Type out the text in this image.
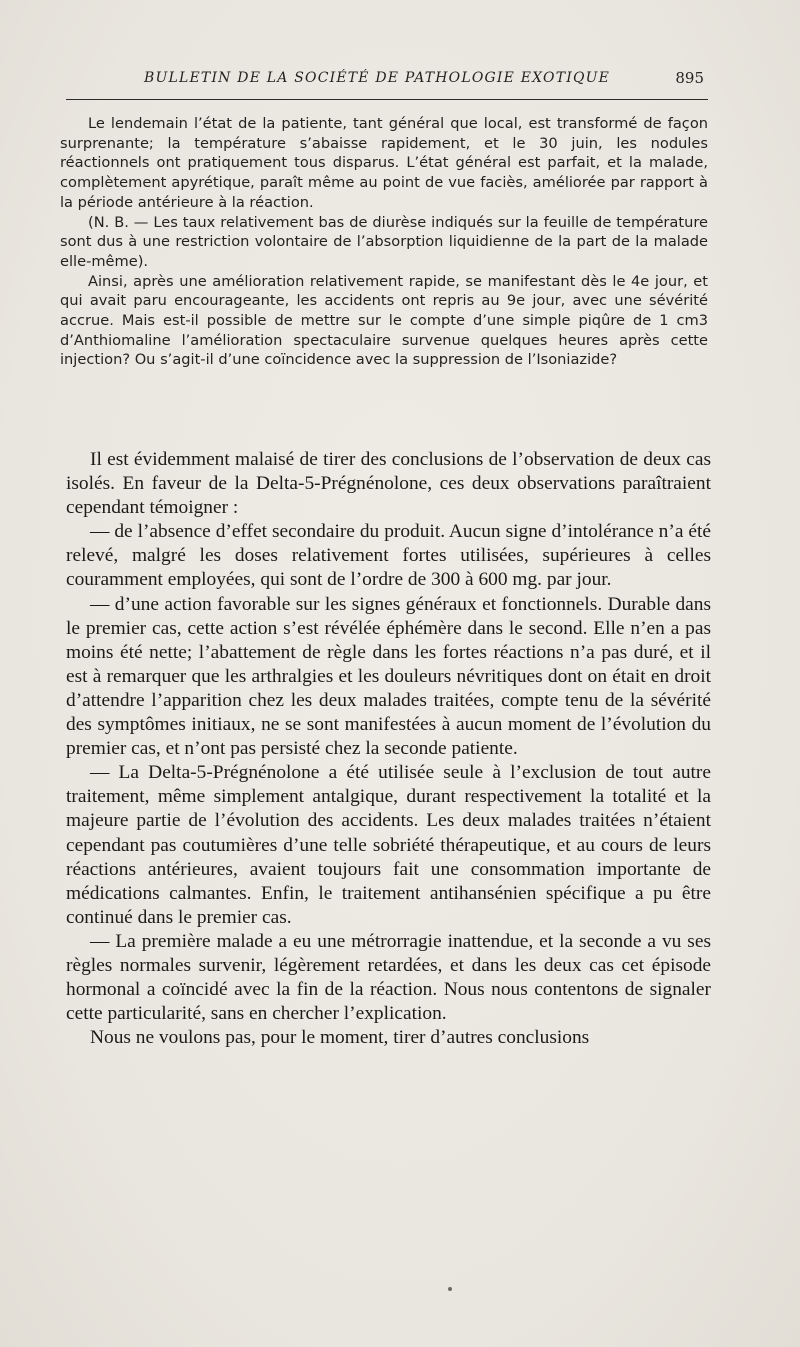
BULLETIN DE LA SOCIÉTÉ DE PATHOLOGIE EXOTIQUE	895

Le lendemain l’état de la patiente, tant général que local, est transformé de façon surprenante; la température s’abaisse rapidement, et le 30 juin, les nodules réactionnels ont pratiquement tous disparus. L’état général est parfait, et la malade, complètement apyrétique, paraît même au point de vue faciès, améliorée par rapport à la période antérieure à la réaction.

(N. B. — Les taux relativement bas de diurèse indiqués sur la feuille de température sont dus à une restriction volontaire de l’absorption liquidienne de la part de la malade elle-même).

Ainsi, après une amélioration relativement rapide, se manifestant dès le 4e jour, et qui avait paru encourageante, les accidents ont repris au 9e jour, avec une sévérité accrue. Mais est-il possible de mettre sur le compte d’une simple piqûre de 1 cm3 d’Anthiomaline l’amélioration spectaculaire survenue quelques heures après cette injection? Ou s’agit-il d’une coïncidence avec la suppression de l’Isoniazide?

Il est évidemment malaisé de tirer des conclusions de l’observation de deux cas isolés. En faveur de la Delta-5-Prégnénolone, ces deux observations paraîtraient cependant témoigner :

— de l’absence d’effet secondaire du produit. Aucun signe d’intolérance n’a été relevé, malgré les doses relativement fortes utilisées, supérieures à celles couramment employées, qui sont de l’ordre de 300 à 600 mg. par jour.

— d’une action favorable sur les signes généraux et fonctionnels. Durable dans le premier cas, cette action s’est révélée éphémère dans le second. Elle n’en a pas moins été nette; l’abattement de règle dans les fortes réactions n’a pas duré, et il est à remarquer que les arthralgies et les douleurs névritiques dont on était en droit d’attendre l’apparition chez les deux malades traitées, compte tenu de la sévérité des symptômes initiaux, ne se sont manifestées à aucun moment de l’évolution du premier cas, et n’ont pas persisté chez la seconde patiente.

— La Delta-5-Prégnénolone a été utilisée seule à l’exclusion de tout autre traitement, même simplement antalgique, durant respectivement la totalité et la majeure partie de l’évolution des accidents. Les deux malades traitées n’étaient cependant pas coutumières d’une telle sobriété thérapeutique, et au cours de leurs réactions antérieures, avaient toujours fait une consommation importante de médications calmantes. Enfin, le traitement antihansénien spécifique a pu être continué dans le premier cas.

— La première malade a eu une métrorragie inattendue, et la seconde a vu ses règles normales survenir, légèrement retardées, et dans les deux cas cet épisode hormonal a coïncidé avec la fin de la réaction. Nous nous contentons de signaler cette particularité, sans en chercher l’explication.

Nous ne voulons pas, pour le moment, tirer d’autres conclusions
